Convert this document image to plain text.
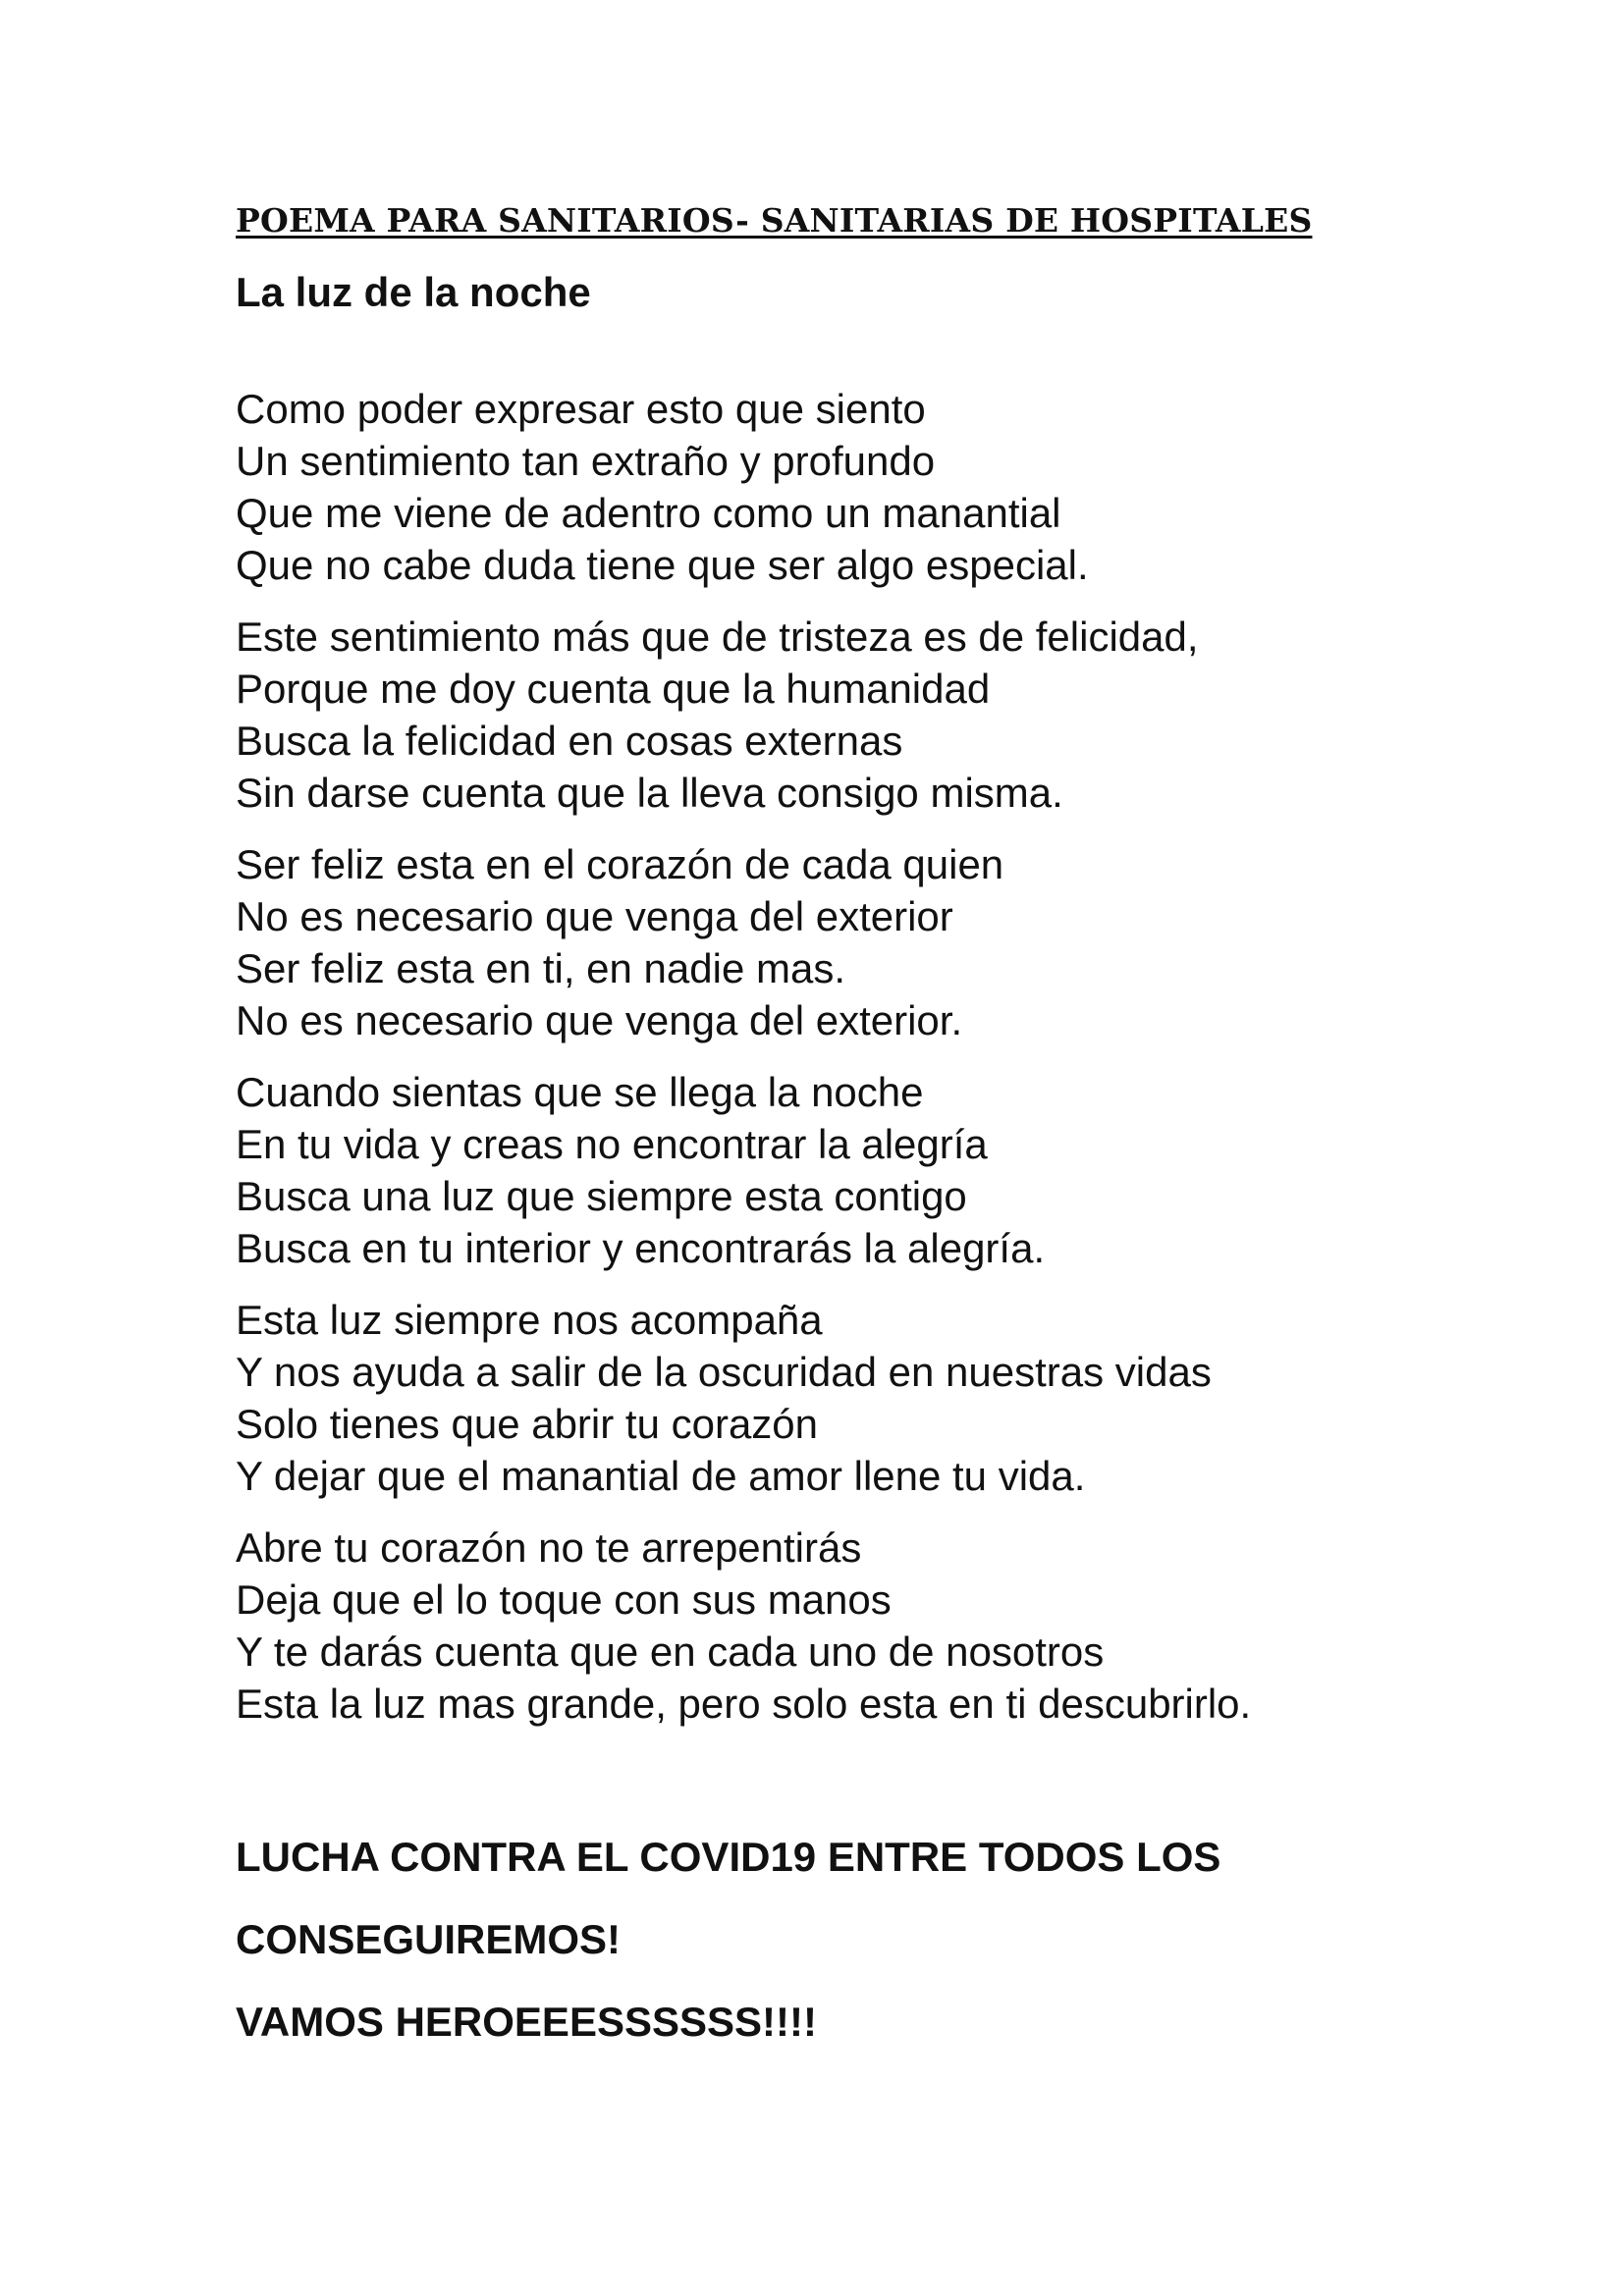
POEMA PARA SANITARIOS- SANITARIAS DE HOSPITALES
La luz de la noche

Como poder expresar esto que siento
Un sentimiento tan extraño y profundo
Que me viene de adentro como un manantial
Que no cabe duda tiene que ser algo especial.

Este sentimiento más que de tristeza es de felicidad,
Porque me doy cuenta que la humanidad
Busca la felicidad en cosas externas
Sin darse cuenta que la lleva consigo misma.

Ser feliz esta en el corazón de cada quien
No es necesario que venga del exterior
Ser feliz esta en ti, en nadie mas.
No es necesario que venga del exterior.

Cuando sientas que se llega la noche
En tu vida y creas no encontrar la alegría
Busca una luz que siempre esta contigo
Busca en tu interior y encontrarás la alegría.

Esta luz siempre nos acompaña
Y nos ayuda a salir de la oscuridad en nuestras vidas
Solo tienes que abrir tu corazón
Y dejar que el manantial de amor llene tu vida.

Abre tu corazón no te arrepentirás
Deja que el lo toque con sus manos
Y te darás cuenta que en cada uno de nosotros
Esta la luz mas grande, pero solo esta en ti descubrirlo.

LUCHA CONTRA EL COVID19 ENTRE TODOS LOS
CONSEGUIREMOS!
VAMOS HEROEEESSSSSS!!!!
